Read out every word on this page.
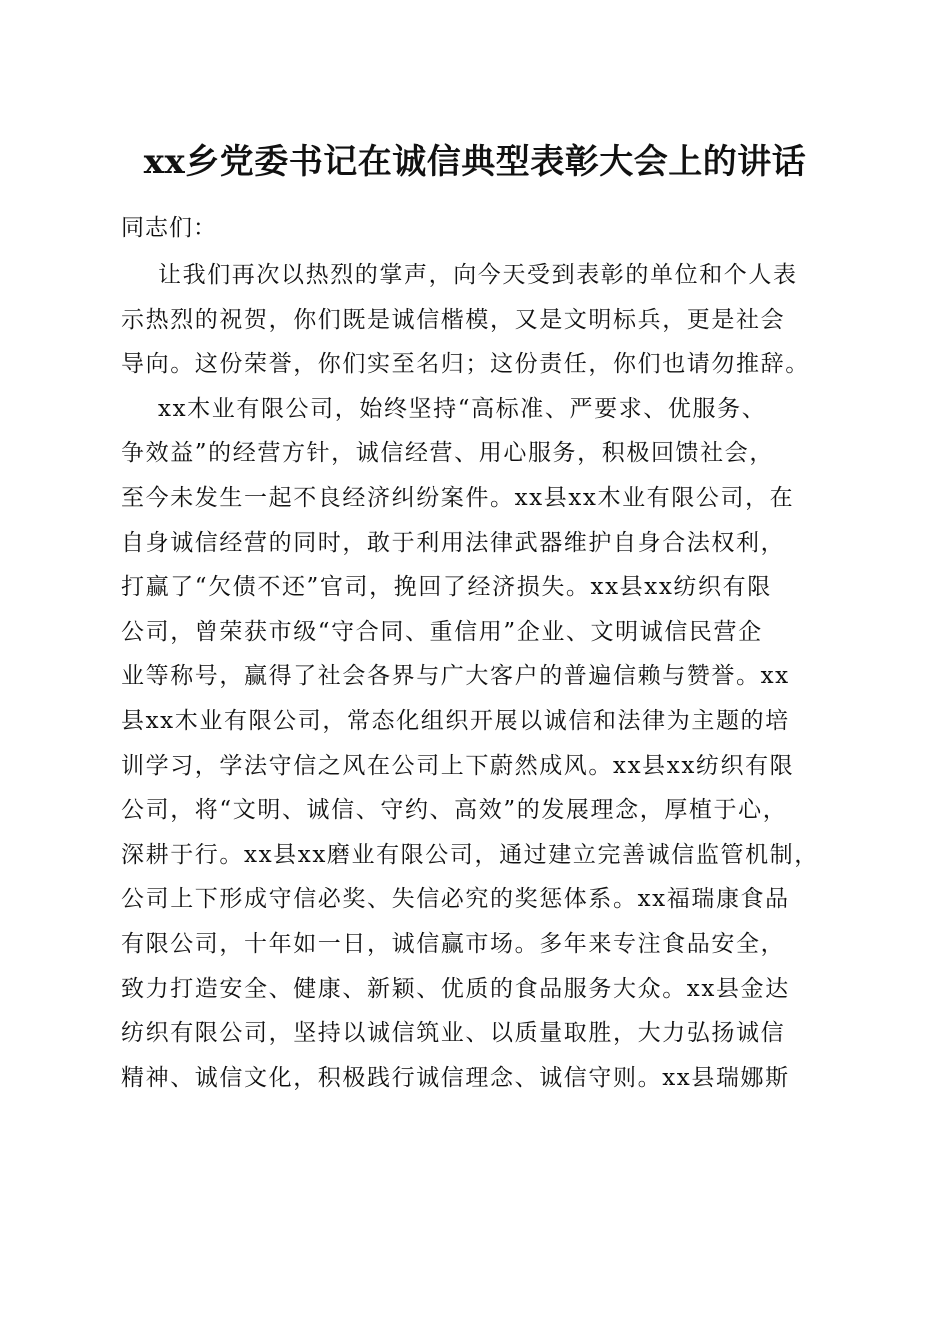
xx乡党委书记在诚信典型表彰大会上的讲话
同志们：
让我们再次以热烈的掌声，向今天受到表彰的单位和个人表
示热烈的祝贺，你们既是诚信楷模，又是文明标兵，更是社会
导向。这份荣誉，你们实至名归；这份责任，你们也请勿推辞。
xx木业有限公司，始终坚持“高标准、严要求、优服务、
争效益”的经营方针，诚信经营、用心服务，积极回馈社会，
至今未发生一起不良经济纠纷案件。xx县xx木业有限公司，在
自身诚信经营的同时，敢于利用法律武器维护自身合法权利，
打赢了“欠债不还”官司，挽回了经济损失。xx县xx纺织有限
公司，曾荣获市级“守合同、重信用”企业、文明诚信民营企
业等称号，赢得了社会各界与广大客户的普遍信赖与赞誉。xx
县xx木业有限公司，常态化组织开展以诚信和法律为主题的培
训学习，学法守信之风在公司上下蔚然成风。xx县xx纺织有限
公司，将“文明、诚信、守约、高效”的发展理念，厚植于心，
深耕于行。xx县xx磨业有限公司，通过建立完善诚信监管机制，
公司上下形成守信必奖、失信必究的奖惩体系。xx福瑞康食品
有限公司，十年如一日，诚信赢市场。多年来专注食品安全，
致力打造安全、健康、新颖、优质的食品服务大众。xx县金达
纺织有限公司，坚持以诚信筑业、以质量取胜，大力弘扬诚信
精神、诚信文化，积极践行诚信理念、诚信守则。xx县瑞娜斯
